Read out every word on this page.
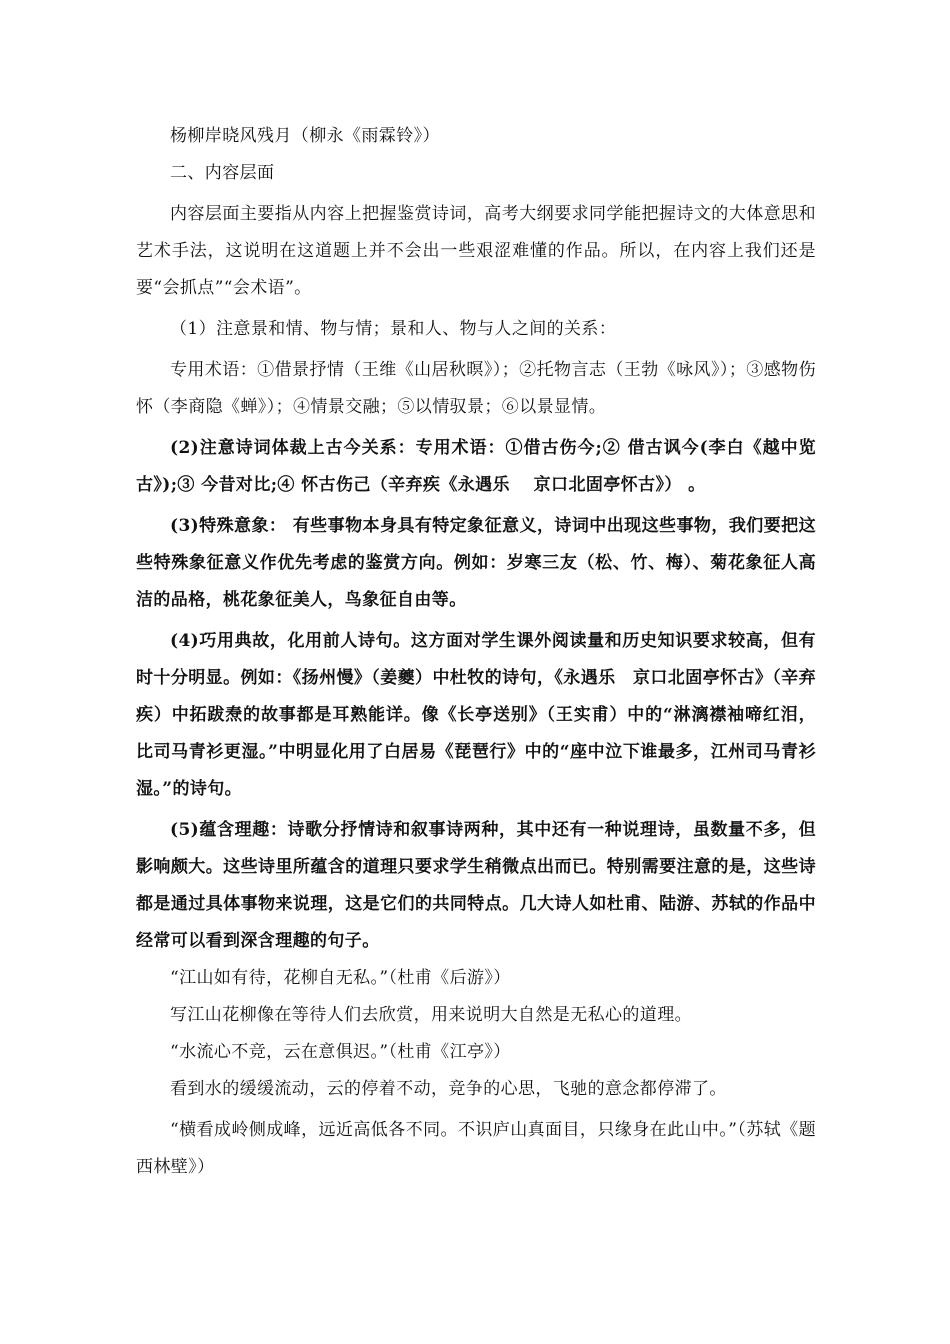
杨柳岸晓风残月（柳永《雨霖铃》）

二、内容层面

内容层面主要指从内容上把握鉴赏诗词，高考大纲要求同学能把握诗文的大体意思和艺术手法，这说明在这道题上并不会出一些艰涩难懂的作品。所以，在内容上我们还是要“会抓点”“会术语”。

（1）注意景和情、物与情；景和人、物与人之间的关系：

专用术语：①借景抒情（王维《山居秋暝》）；②托物言志（王勃《咏风》）；③感物伤怀（李商隐《蝉》）；④情景交融；⑤以情驭景；⑥以景显情。

(2)注意诗词体裁上古今关系：专用术语：①借古伤今;② 借古讽今(李白《越中览古》);③ 今昔对比;④ 怀古伤己（辛弃疾《永遇乐　 京口北固亭怀古》） 。

(3)特殊意象： 有些事物本身具有特定象征意义，诗词中出现这些事物，我们要把这些特殊象征意义作优先考虑的鉴赏方向。例如：岁寒三友（松、竹、梅）、菊花象征人高洁的品格，桃花象征美人，鸟象征自由等。

(4)巧用典故，化用前人诗句。这方面对学生课外阅读量和历史知识要求较高，但有时十分明显。例如：《扬州慢》（姜夔）中杜牧的诗句，《永遇乐　京口北固亭怀古》（辛弃疾）中拓跋焘的故事都是耳熟能详。像《长亭送别》（王实甫）中的“淋漓襟袖啼红泪，比司马青衫更湿。”中明显化用了白居易《琵琶行》中的“座中泣下谁最多，江州司马青衫湿。”的诗句。

(5)蕴含理趣：诗歌分抒情诗和叙事诗两种，其中还有一种说理诗，虽数量不多，但影响颇大。这些诗里所蕴含的道理只要求学生稍微点出而已。特别需要注意的是，这些诗都是通过具体事物来说理，这是它们的共同特点。几大诗人如杜甫、陆游、苏轼的作品中经常可以看到深含理趣的句子。

“江山如有待，花柳自无私。”（杜甫《后游》）

写江山花柳像在等待人们去欣赏，用来说明大自然是无私心的道理。

“水流心不竞，云在意俱迟。”（杜甫《江亭》）

看到水的缓缓流动，云的停着不动，竞争的心思，飞驰的意念都停滞了。

“横看成岭侧成峰，远近高低各不同。不识庐山真面目，只缘身在此山中。”（苏轼《题西林壁》）
